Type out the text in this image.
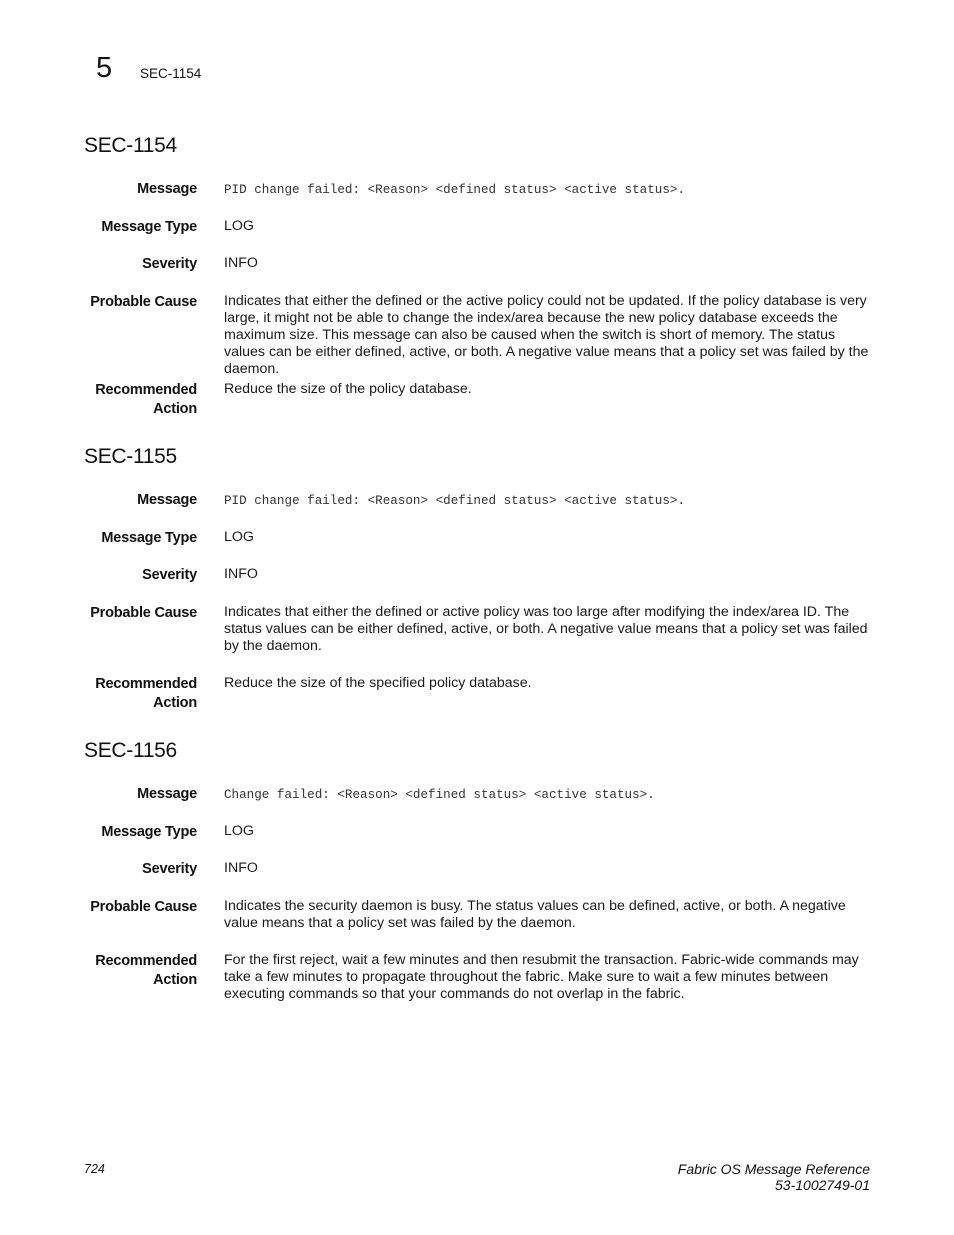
5 SEC-1154
SEC-1154
Message PID change failed: <Reason> <defined status> <active status>.
Message Type LOG
Severity INFO
Probable Cause Indicates that either the defined or the active policy could not be updated. If the policy database is very large, it might not be able to change the index/area because the new policy database exceeds the maximum size. This message can also be caused when the switch is short of memory. The status values can be either defined, active, or both. A negative value means that a policy set was failed by the daemon.
Recommended
Action
Reduce the size of the policy database.
SEC-1155
Message PID change failed: <Reason> <defined status> <active status>.
Message Type LOG
Severity INFO
Probable Cause Indicates that either the defined or active policy was too large after modifying the index/area ID. The status values can be either defined, active, or both. A negative value means that a policy set was failed by the daemon.
Recommended
Action
Reduce the size of the specified policy database.
SEC-1156
Message Change failed: <Reason> <defined status> <active status>.
Message Type LOG
Severity INFO
Probable Cause Indicates the security daemon is busy. The status values can be defined, active, or both. A negative value means that a policy set was failed by the daemon.
Recommended
Action
For the first reject, wait a few minutes and then resubmit the transaction. Fabric-wide commands may take a few minutes to propagate throughout the fabric. Make sure to wait a few minutes between executing commands so that your commands do not overlap in the fabric.
724	Fabric OS Message Reference
53-1002749-01
